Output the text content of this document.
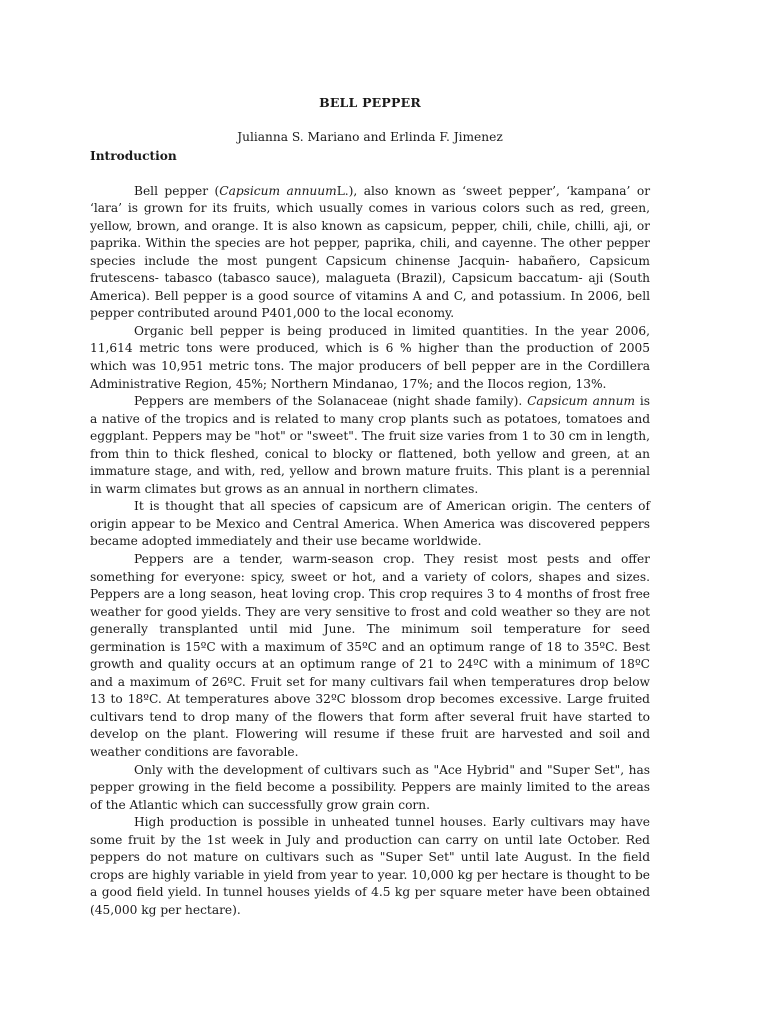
BELL PEPPER
Julianna S. Mariano and Erlinda F. Jimenez
Introduction

Bell pepper (Capsicum annuumL.), also known as ‘sweet pepper’, ‘kampana’ or ‘lara’ is grown for its fruits, which usually comes in various colors such as red, green, yellow, brown, and orange. It is also known as capsicum, pepper, chili, chile, chilli, aji, or paprika. Within the species are hot pepper, paprika, chili, and cayenne. The other pepper species include the most pungent Capsicum chinense Jacquin- habañero, Capsicum frutescens- tabasco (tabasco sauce), malagueta (Brazil), Capsicum baccatum- aji (South America). Bell pepper is a good source of vitamins A and C, and potassium. In 2006, bell pepper contributed around P401,000 to the local economy.

Organic bell pepper is being produced in limited quantities. In the year 2006, 11,614 metric tons were produced, which is 6 % higher than the production of 2005 which was 10,951 metric tons. The major producers of bell pepper are in the Cordillera Administrative Region, 45%; Northern Mindanao, 17%; and the Ilocos region, 13%.

Peppers are members of the Solanaceae (night shade family). Capsicum annum is a native of the tropics and is related to many crop plants such as potatoes, tomatoes and eggplant. Peppers may be "hot" or "sweet". The fruit size varies from 1 to 30 cm in length, from thin to thick fleshed, conical to blocky or flattened, both yellow and green, at an immature stage, and with, red, yellow and brown mature fruits. This plant is a perennial in warm climates but grows as an annual in northern climates.

It is thought that all species of capsicum are of American origin. The centers of origin appear to be Mexico and Central America. When America was discovered peppers became adopted immediately and their use became worldwide.

Peppers are a tender, warm-season crop. They resist most pests and offer something for everyone: spicy, sweet or hot, and a variety of colors, shapes and sizes. Peppers are a long season, heat loving crop. This crop requires 3 to 4 months of frost free weather for good yields. They are very sensitive to frost and cold weather so they are not generally transplanted until mid June. The minimum soil temperature for seed germination is 15ºC with a maximum of 35ºC and an optimum range of 18 to 35ºC. Best growth and quality occurs at an optimum range of 21 to 24ºC with a minimum of 18ºC and a maximum of 26ºC. Fruit set for many cultivars fail when temperatures drop below 13 to 18ºC. At temperatures above 32ºC blossom drop becomes excessive. Large fruited cultivars tend to drop many of the flowers that form after several fruit have started to develop on the plant. Flowering will resume if these fruit are harvested and soil and weather conditions are favorable.

Only with the development of cultivars such as "Ace Hybrid" and "Super Set", has pepper growing in the field become a possibility. Peppers are mainly limited to the areas of the Atlantic which can successfully grow grain corn.

High production is possible in unheated tunnel houses. Early cultivars may have some fruit by the 1st week in July and production can carry on until late October. Red peppers do not mature on cultivars such as "Super Set" until late August. In the field crops are highly variable in yield from year to year. 10,000 kg per hectare is thought to be a good field yield. In tunnel houses yields of 4.5 kg per square meter have been obtained (45,000 kg per hectare).
